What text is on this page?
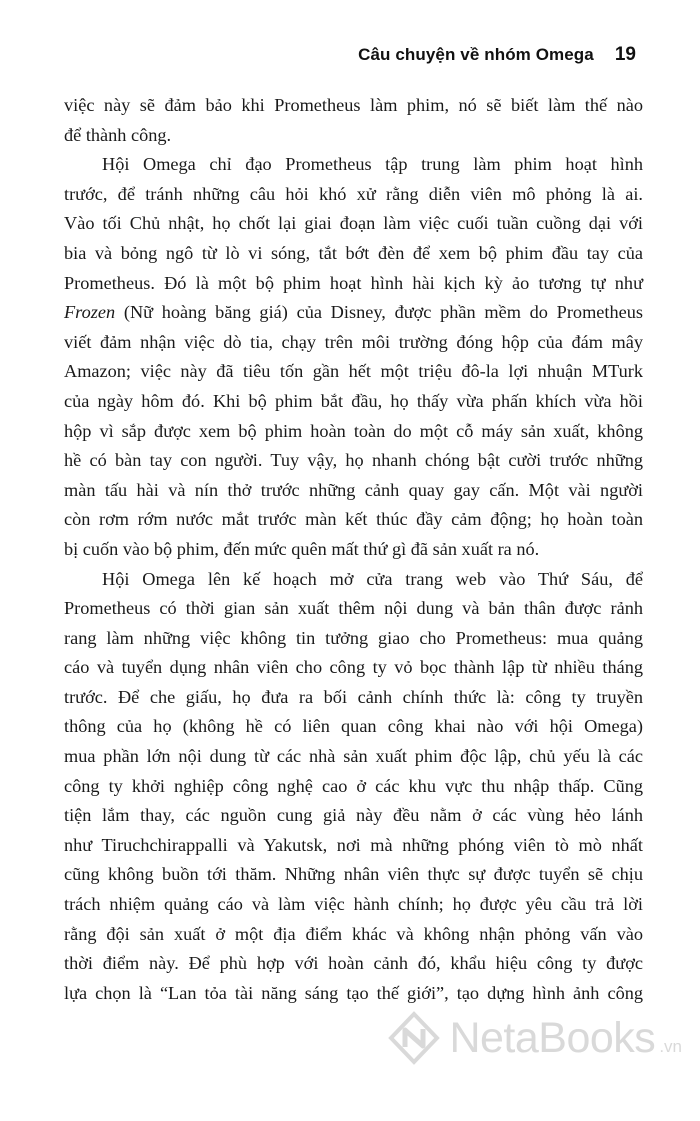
Câu chuyện về nhóm Omega 19
việc này sẽ đảm bảo khi Prometheus làm phim, nó sẽ biết làm thế nào
để thành công.
Hội Omega chỉ đạo Prometheus tập trung làm phim hoạt hình
trước, để tránh những câu hỏi khó xử rằng diễn viên mô phỏng là ai.
Vào tối Chủ nhật, họ chốt lại giai đoạn làm việc cuối tuần cuồng dại với
bia và bỏng ngô từ lò vi sóng, tắt bớt đèn để xem bộ phim đầu tay của
Prometheus. Đó là một bộ phim hoạt hình hài kịch kỳ ảo tương tự như
Frozen (Nữ hoàng băng giá) của Disney, được phần mềm do Prometheus
viết đảm nhận việc dò tia, chạy trên môi trường đóng hộp của đám mây
Amazon; việc này đã tiêu tốn gần hết một triệu đô-la lợi nhuận MTurk
của ngày hôm đó. Khi bộ phim bắt đầu, họ thấy vừa phấn khích vừa hồi
hộp vì sắp được xem bộ phim hoàn toàn do một cỗ máy sản xuất, không
hề có bàn tay con người. Tuy vậy, họ nhanh chóng bật cười trước những
màn tấu hài và nín thở trước những cảnh quay gay cấn. Một vài người
còn rơm rớm nước mắt trước màn kết thúc đầy cảm động; họ hoàn toàn
bị cuốn vào bộ phim, đến mức quên mất thứ gì đã sản xuất ra nó.
Hội Omega lên kế hoạch mở cửa trang web vào Thứ Sáu, để
Prometheus có thời gian sản xuất thêm nội dung và bản thân được rảnh
rang làm những việc không tin tưởng giao cho Prometheus: mua quảng
cáo và tuyển dụng nhân viên cho công ty vỏ bọc thành lập từ nhiều tháng
trước. Để che giấu, họ đưa ra bối cảnh chính thức là: công ty truyền
thông của họ (không hề có liên quan công khai nào với hội Omega)
mua phần lớn nội dung từ các nhà sản xuất phim độc lập, chủ yếu là các
công ty khởi nghiệp công nghệ cao ở các khu vực thu nhập thấp. Cũng
tiện lắm thay, các nguồn cung giả này đều nằm ở các vùng hẻo lánh
như Tiruchchirappalli và Yakutsk, nơi mà những phóng viên tò mò nhất
cũng không buồn tới thăm. Những nhân viên thực sự được tuyển sẽ chịu
trách nhiệm quảng cáo và làm việc hành chính; họ được yêu cầu trả lời
rằng đội sản xuất ở một địa điểm khác và không nhận phỏng vấn vào
thời điểm này. Để phù hợp với hoàn cảnh đó, khẩu hiệu công ty được
lựa chọn là “Lan tỏa tài năng sáng tạo thế giới”, tạo dựng hình ảnh công
NetaBooks .vn
